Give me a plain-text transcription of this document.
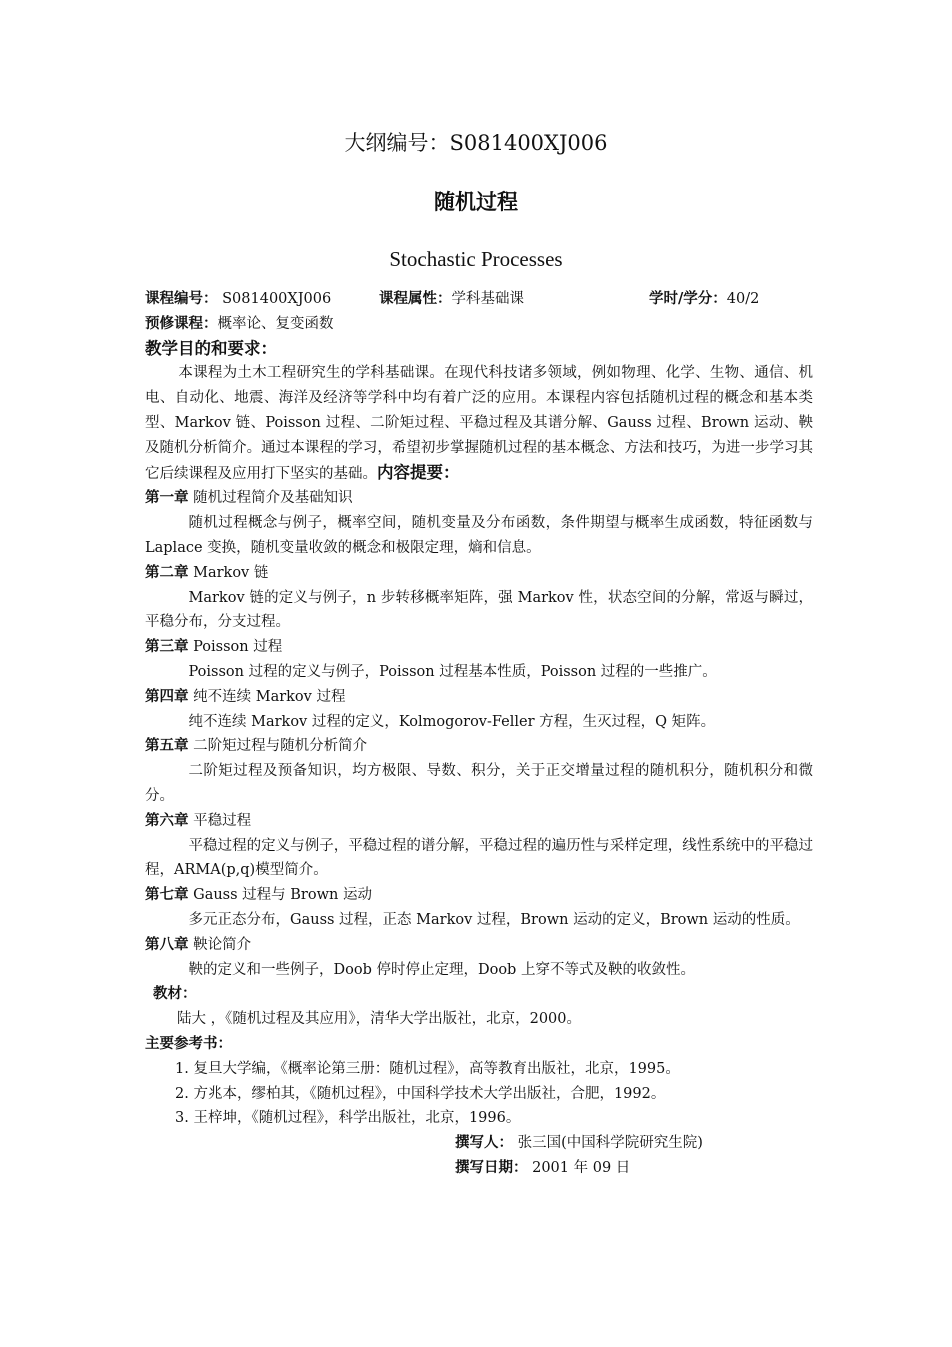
大纲编号：S081400XJ006
随机过程
Stochastic Processes
课程编号： S081400XJ006	课程属性：学科基础课	学时/学分：40/2
预修课程：概率论、复变函数
教学目的和要求：

本课程为土木工程研究生的学科基础课。在现代科技诸多领域，例如物理、化学、生物、通信、机电、自动化、地震、海洋及经济等学科中均有着广泛的应用。本课程内容包括随机过程的概念和基本类型、Markov 链、Poisson 过程、二阶矩过程、平稳过程及其谱分解、Gauss 过程、Brown 运动、鞅及随机分析简介。通过本课程的学习，希望初步掌握随机过程的基本概念、方法和技巧，为进一步学习其它后续课程及应用打下坚实的基础。内容提要：

第一章 随机过程简介及基础知识

随机过程概念与例子，概率空间，随机变量及分布函数，条件期望与概率生成函数，特征函数与 Laplace 变换，随机变量收敛的概念和极限定理，熵和信息。

第二章 Markov 链

Markov 链的定义与例子，n 步转移概率矩阵，强 Markov 性，状态空间的分解，常返与瞬过，平稳分布，分支过程。

第三章 Poisson 过程

Poisson 过程的定义与例子，Poisson 过程基本性质，Poisson 过程的一些推广。

第四章 纯不连续 Markov 过程

纯不连续 Markov 过程的定义，Kolmogorov-Feller 方程，生灭过程，Q 矩阵。

第五章 二阶矩过程与随机分析简介

二阶矩过程及预备知识，均方极限、导数、积分，关于正交增量过程的随机积分，随机积分和微分。

第六章 平稳过程

平稳过程的定义与例子，平稳过程的谱分解，平稳过程的遍历性与采样定理，线性系统中的平稳过程，ARMA(p,q)模型简介。

第七章 Gauss 过程与 Brown 运动

多元正态分布，Gauss 过程，正态 Markov 过程，Brown 运动的定义，Brown 运动的性质。

第八章 鞅论简介

鞅的定义和一些例子，Doob 停时停止定理，Doob 上穿不等式及鞅的收敛性。

教材：
陆大 ，《随机过程及其应用》，清华大学出版社，北京，2000。
主要参考书：
1. 复旦大学编，《概率论第三册：随机过程》，高等教育出版社，北京，1995。
2. 方兆本，缪柏其，《随机过程》，中国科学技术大学出版社，合肥，1992。
3. 王梓坤，《随机过程》，科学出版社，北京，1996。
撰写人： 张三国(中国科学院研究生院)
撰写日期： 2001 年 09 日
